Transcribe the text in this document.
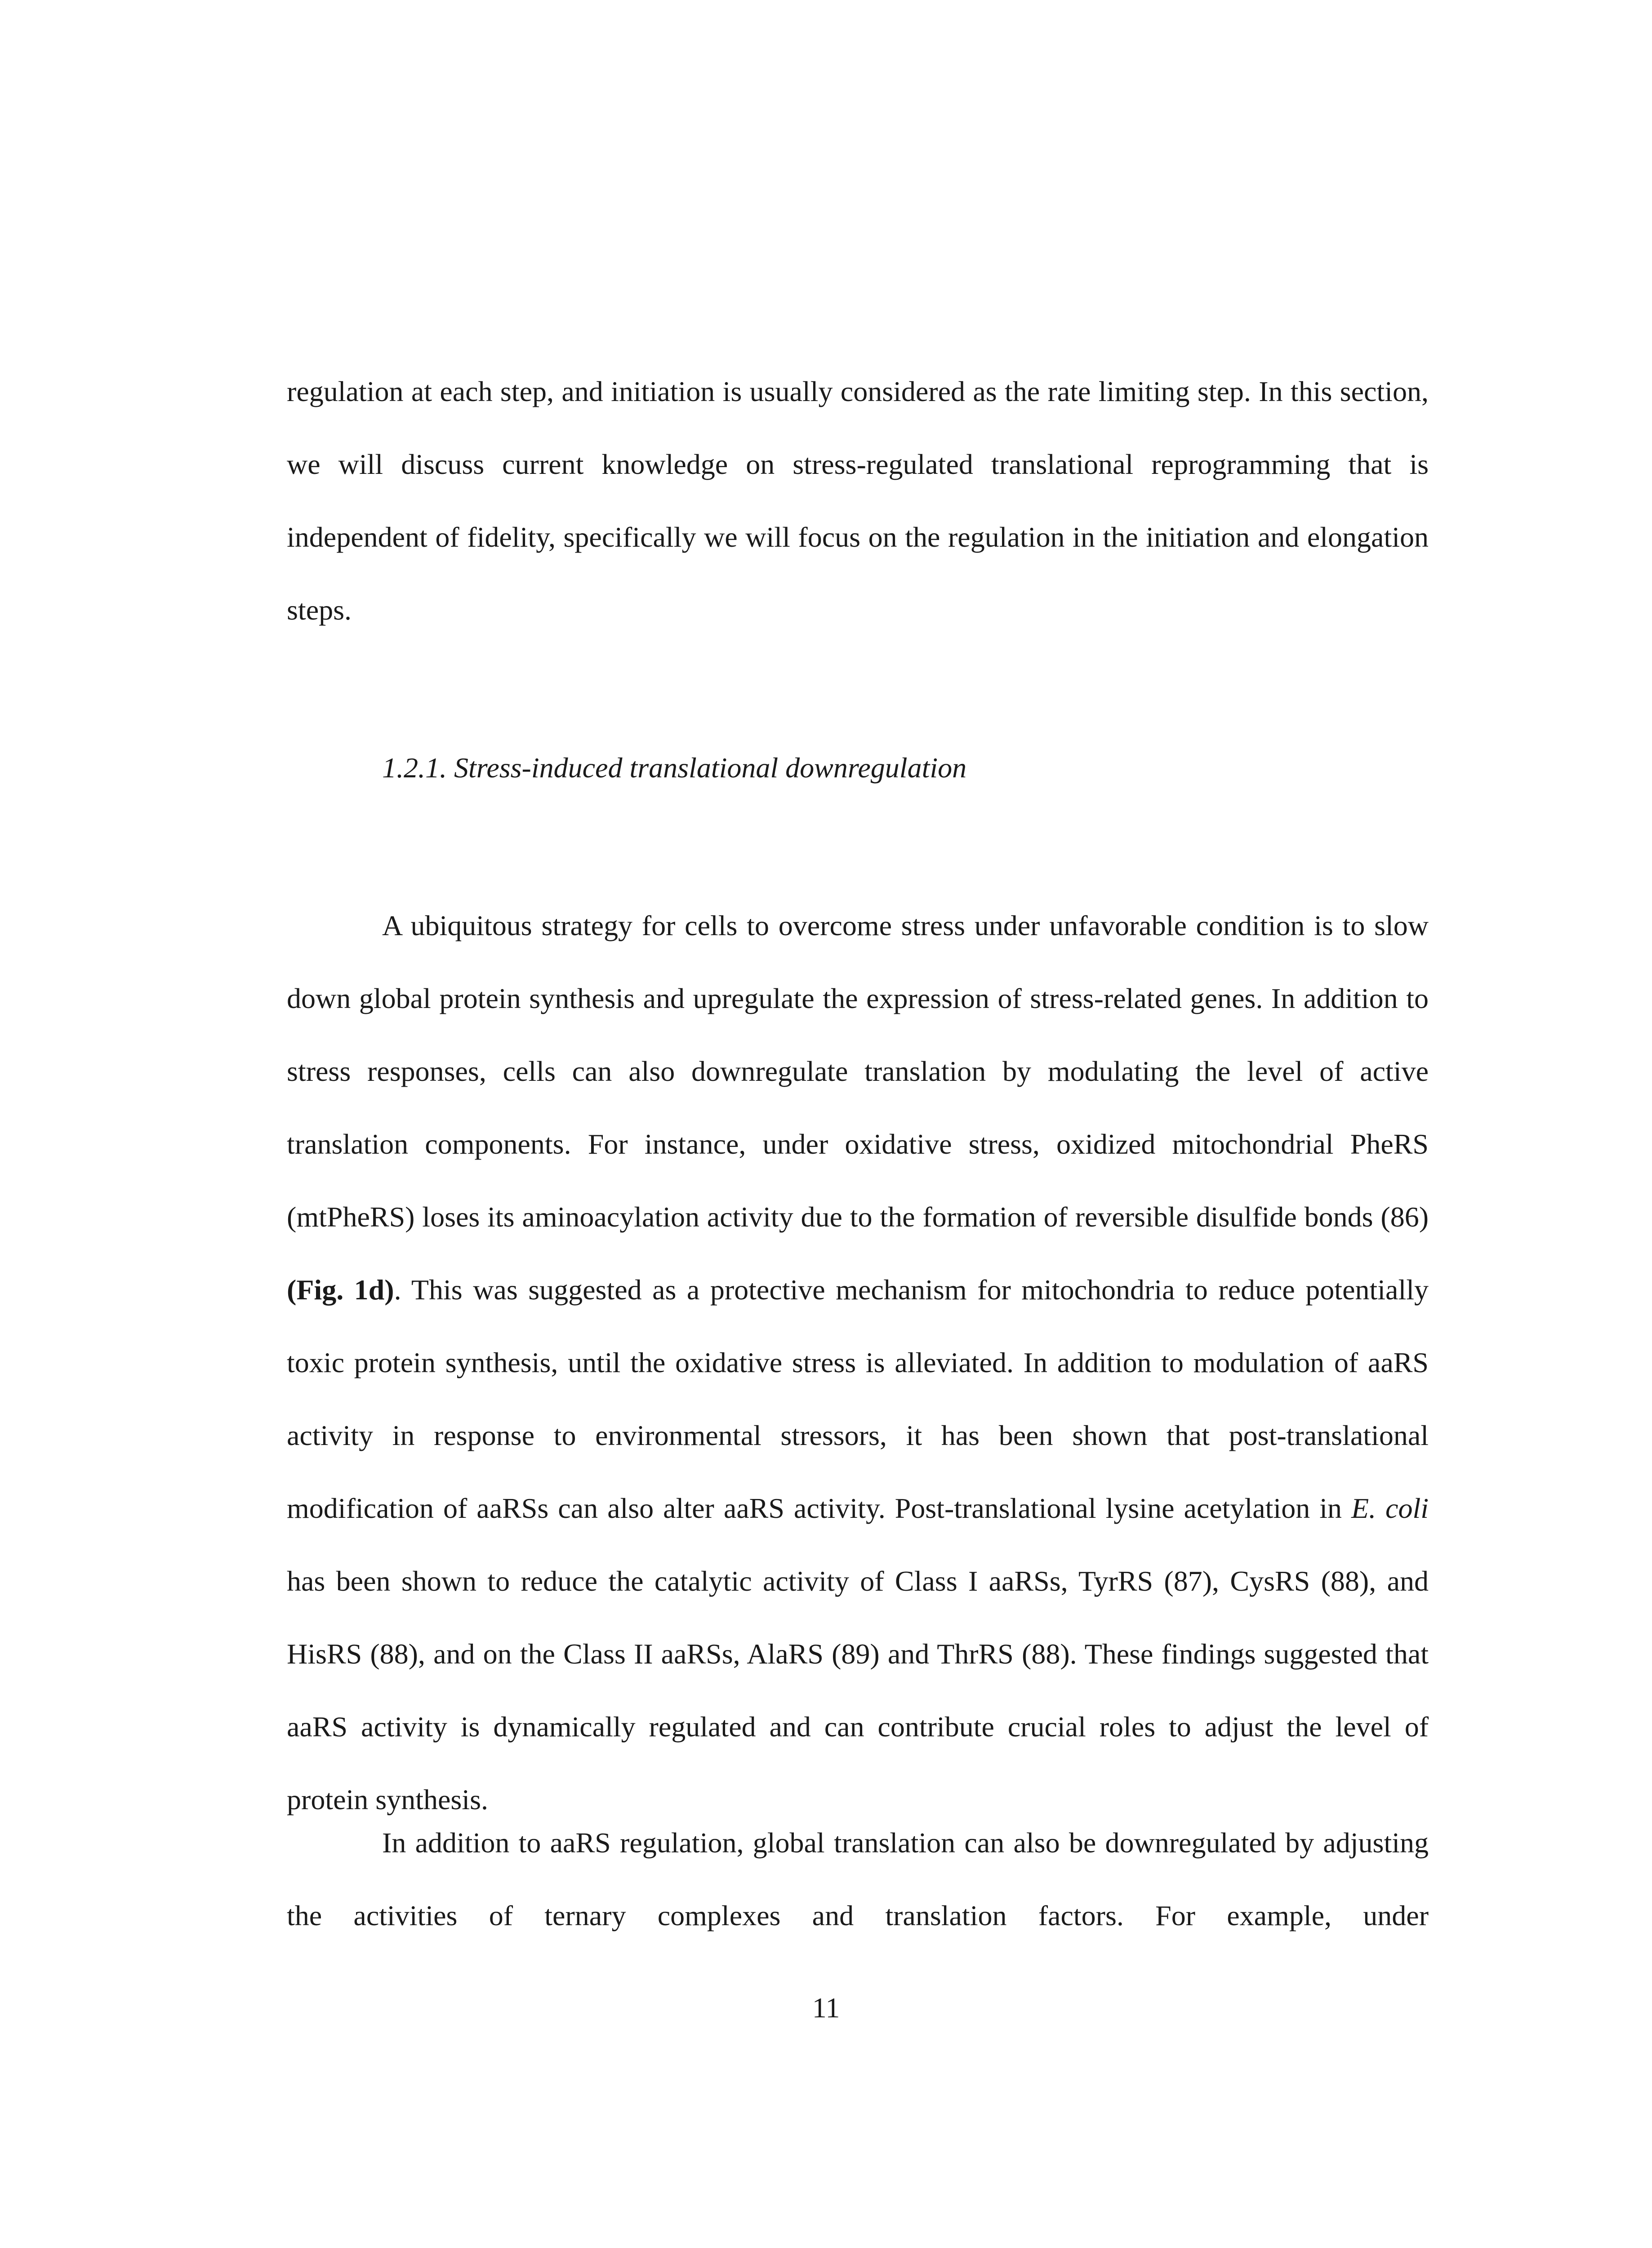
regulation at each step, and initiation is usually considered as the rate limiting step. In this section, we will discuss current knowledge on stress-regulated translational reprogramming that is independent of fidelity, specifically we will focus on the regulation in the initiation and elongation steps.

1.2.1. Stress-induced translational downregulation

A ubiquitous strategy for cells to overcome stress under unfavorable condition is to slow down global protein synthesis and upregulate the expression of stress-related genes. In addition to stress responses, cells can also downregulate translation by modulating the level of active translation components. For instance, under oxidative stress, oxidized mitochondrial PheRS (mtPheRS) loses its aminoacylation activity due to the formation of reversible disulfide bonds (86) (Fig. 1d). This was suggested as a protective mechanism for mitochondria to reduce potentially toxic protein synthesis, until the oxidative stress is alleviated. In addition to modulation of aaRS activity in response to environmental stressors, it has been shown that post-translational modification of aaRSs can also alter aaRS activity. Post-translational lysine acetylation in E. coli has been shown to reduce the catalytic activity of Class I aaRSs, TyrRS (87), CysRS (88), and HisRS (88), and on the Class II aaRSs, AlaRS (89) and ThrRS (88). These findings suggested that aaRS activity is dynamically regulated and can contribute crucial roles to adjust the level of protein synthesis.

In addition to aaRS regulation, global translation can also be downregulated by adjusting the activities of ternary complexes and translation factors. For example, under

11
